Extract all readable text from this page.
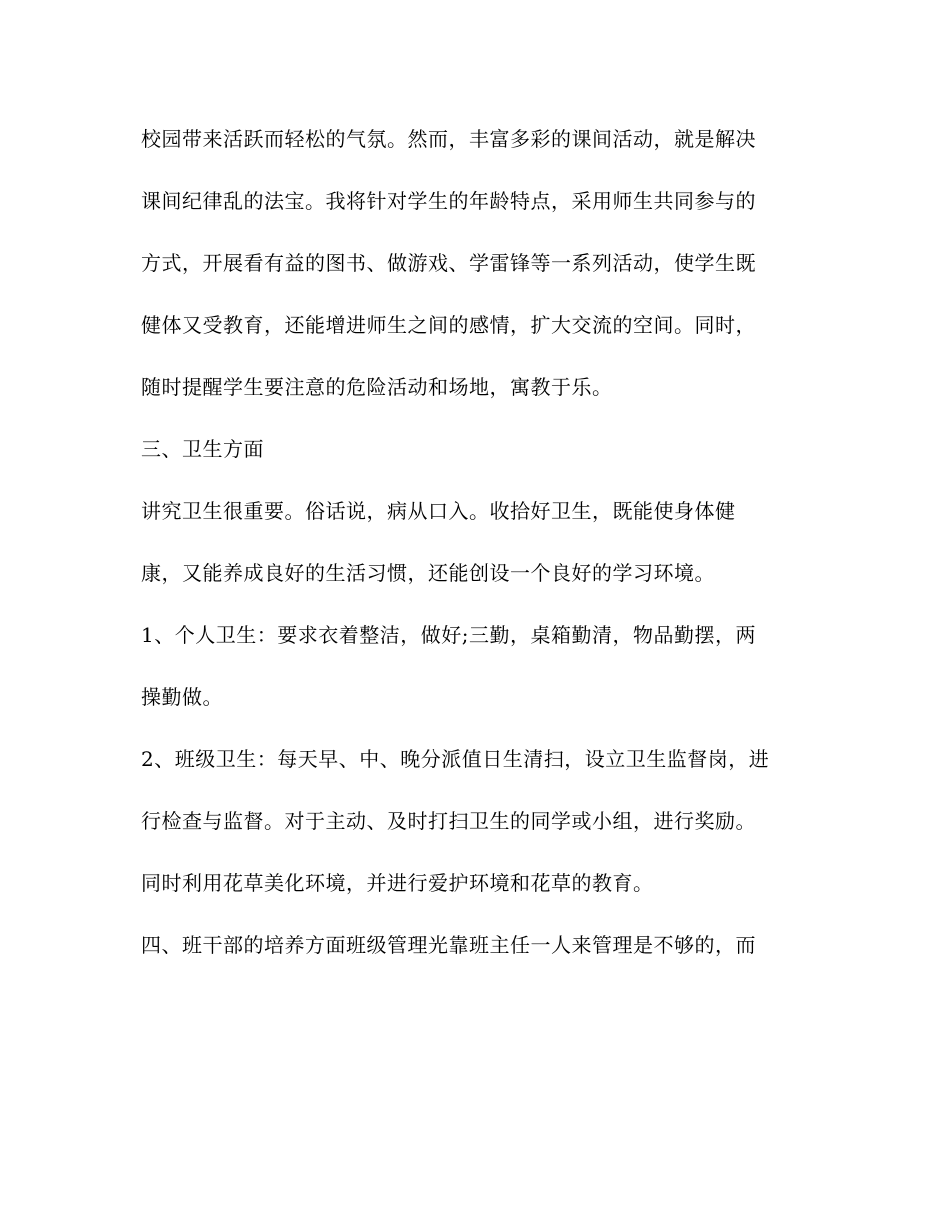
校园带来活跃而轻松的气氛。然而，丰富多彩的课间活动，就是解决
课间纪律乱的法宝。我将针对学生的年龄特点，采用师生共同参与的
方式，开展看有益的图书、做游戏、学雷锋等一系列活动，使学生既
健体又受教育，还能增进师生之间的感情，扩大交流的空间。同时，
随时提醒学生要注意的危险活动和场地，寓教于乐。
三、卫生方面
讲究卫生很重要。俗话说，病从口入。收拾好卫生，既能使身体健
康，又能养成良好的生活习惯，还能创设一个良好的学习环境。
1、个人卫生：要求衣着整洁，做好;三勤，桌箱勤清，物品勤摆，两
操勤做。
2、班级卫生：每天早、中、晚分派值日生清扫，设立卫生监督岗，进
行检查与监督。对于主动、及时打扫卫生的同学或小组，进行奖励。
同时利用花草美化环境，并进行爱护环境和花草的教育。
四、班干部的培养方面班级管理光靠班主任一人来管理是不够的，而
